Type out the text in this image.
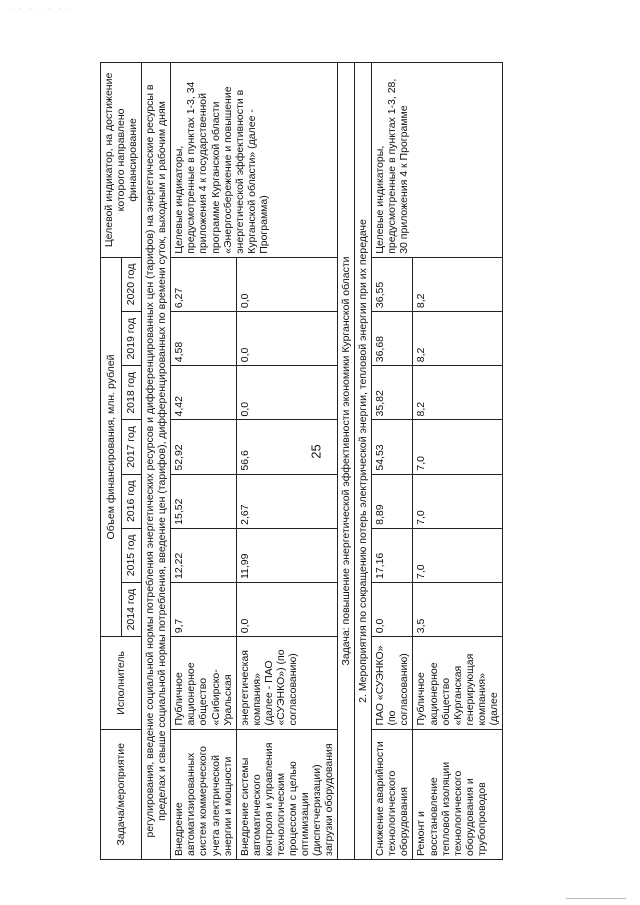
· · · · · · ·
25
Задача/мероприятие	Исполнитель	Объем финансирования, млн. рублей							Целевой индикатор, на достижение которого направлено финансирование
		2014 год	2015 год	2016 год	2017 год	2018 год	2019 год	2020 год	
регулирования, введение социальной нормы потребления энергетических ресурсов и дифференцированных цен (тарифов) на энергетические ресурсы в пределах и свыше социальной нормы потребления, введение цен (тарифов), дифференцированных по времени суток, выходным и рабочим дням									
Внедрение автоматизированных систем коммерческого учета электрической энергии и мощности	Публичное акционерное общество «Сибирско-Уральская	9,7	12,22	15,52	52,92	4,42	4,58	6,27	Целевые индикаторы, предусмотренные в пунктах 1-3, 34 приложения 4 к государственной программе Курганской области «Энергосбережение и повышение энергетической эффективности в Курганской области» (далее - Программа)
Внедрение системы автоматического контроля и управления технологическим процессом с целью оптимизации (диспетчеризации) загрузки оборудования	энергетическая компания» (далее - ПАО «СУЭНКО») (по согласованию)	0,0	11,99	2,67	56,6	0,0	0,0	0,0	
Задача: повышение энергетической эффективности экономики Курганской области									
2. Мероприятия по сокращению потерь электрической энергии, тепловой энергии при их передаче									
Снижение аварийности технологического оборудования	ПАО «СУЭНКО» (по согласованию)	0,0	17,16	8,89	54,53	35,82	36,68	36,55	Целевые индикаторы, предусмотренные в пунктах 1-3, 28, 30 приложения 4 к Программе
Ремонт и восстановление тепловой изоляции технологического оборудования и трубопроводов	Публичное акционерное общество «Курганская генерирующая компания» (далее	3,5	7,0	7,0	7,0	8,2	8,2	8,2	
